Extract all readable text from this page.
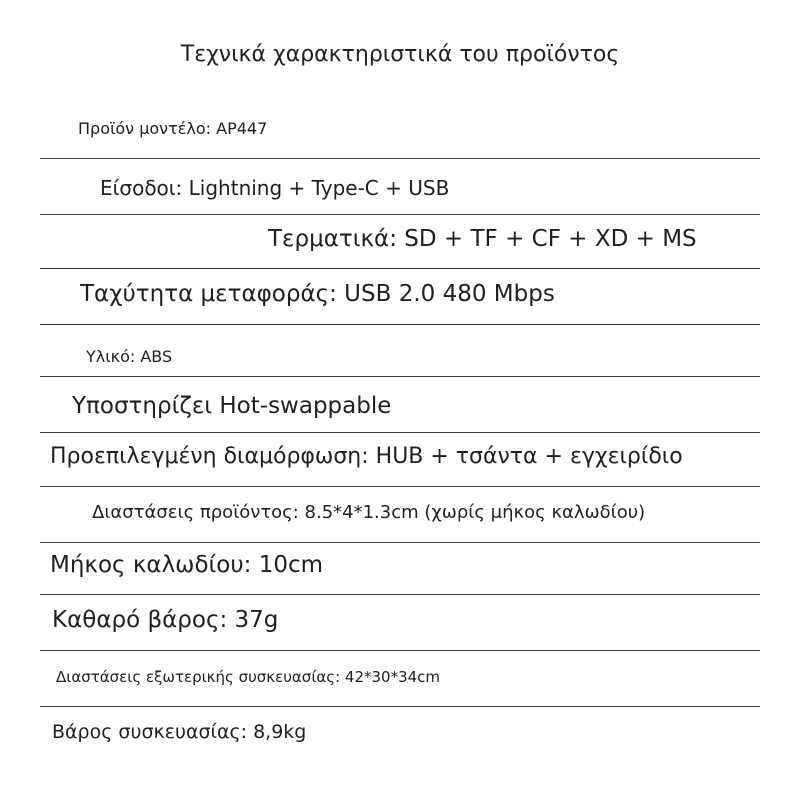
Τεχνικά χαρακτηριστικά του προϊόντος
Προϊόν μοντέλο: AP447
Είσοδοι: Lightning + Type-C + USB
Τερματικά: SD + TF + CF + XD + MS
Ταχύτητα μεταφοράς: USB 2.0 480 Mbps
Υλικό: ABS
Υποστηρίζει Hot-swappable
Προεπιλεγμένη διαμόρφωση: HUB + τσάντα + εγχειρίδιο
Διαστάσεις προϊόντος: 8.5*4*1.3cm (χωρίς μήκος καλωδίου)
Μήκος καλωδίου: 10cm
Καθαρό βάρος: 37g
Διαστάσεις εξωτερικής συσκευασίας: 42*30*34cm
Βάρος συσκευασίας: 8,9kg
